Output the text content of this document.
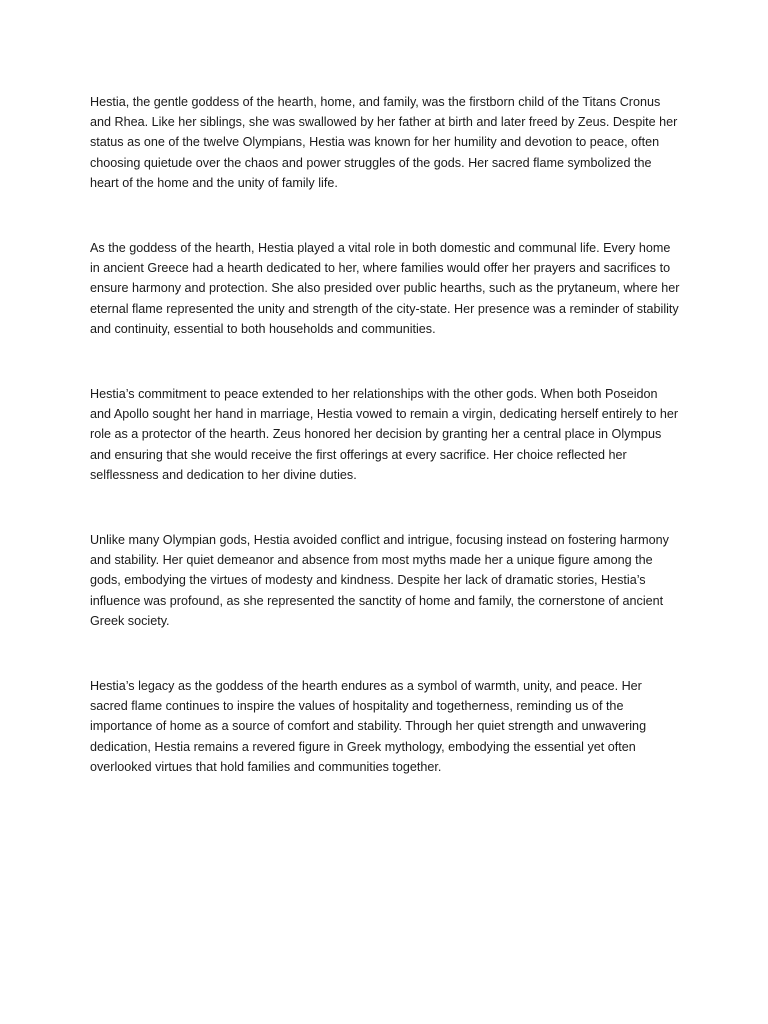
Hestia, the gentle goddess of the hearth, home, and family, was the firstborn child of the Titans Cronus and Rhea. Like her siblings, she was swallowed by her father at birth and later freed by Zeus. Despite her status as one of the twelve Olympians, Hestia was known for her humility and devotion to peace, often choosing quietude over the chaos and power struggles of the gods. Her sacred flame symbolized the heart of the home and the unity of family life.

As the goddess of the hearth, Hestia played a vital role in both domestic and communal life. Every home in ancient Greece had a hearth dedicated to her, where families would offer her prayers and sacrifices to ensure harmony and protection. She also presided over public hearths, such as the prytaneum, where her eternal flame represented the unity and strength of the city-state. Her presence was a reminder of stability and continuity, essential to both households and communities.

Hestia’s commitment to peace extended to her relationships with the other gods. When both Poseidon and Apollo sought her hand in marriage, Hestia vowed to remain a virgin, dedicating herself entirely to her role as a protector of the hearth. Zeus honored her decision by granting her a central place in Olympus and ensuring that she would receive the first offerings at every sacrifice. Her choice reflected her selflessness and dedication to her divine duties.

Unlike many Olympian gods, Hestia avoided conflict and intrigue, focusing instead on fostering harmony and stability. Her quiet demeanor and absence from most myths made her a unique figure among the gods, embodying the virtues of modesty and kindness. Despite her lack of dramatic stories, Hestia’s influence was profound, as she represented the sanctity of home and family, the cornerstone of ancient Greek society.

Hestia’s legacy as the goddess of the hearth endures as a symbol of warmth, unity, and peace. Her sacred flame continues to inspire the values of hospitality and togetherness, reminding us of the importance of home as a source of comfort and stability. Through her quiet strength and unwavering dedication, Hestia remains a revered figure in Greek mythology, embodying the essential yet often overlooked virtues that hold families and communities together.
